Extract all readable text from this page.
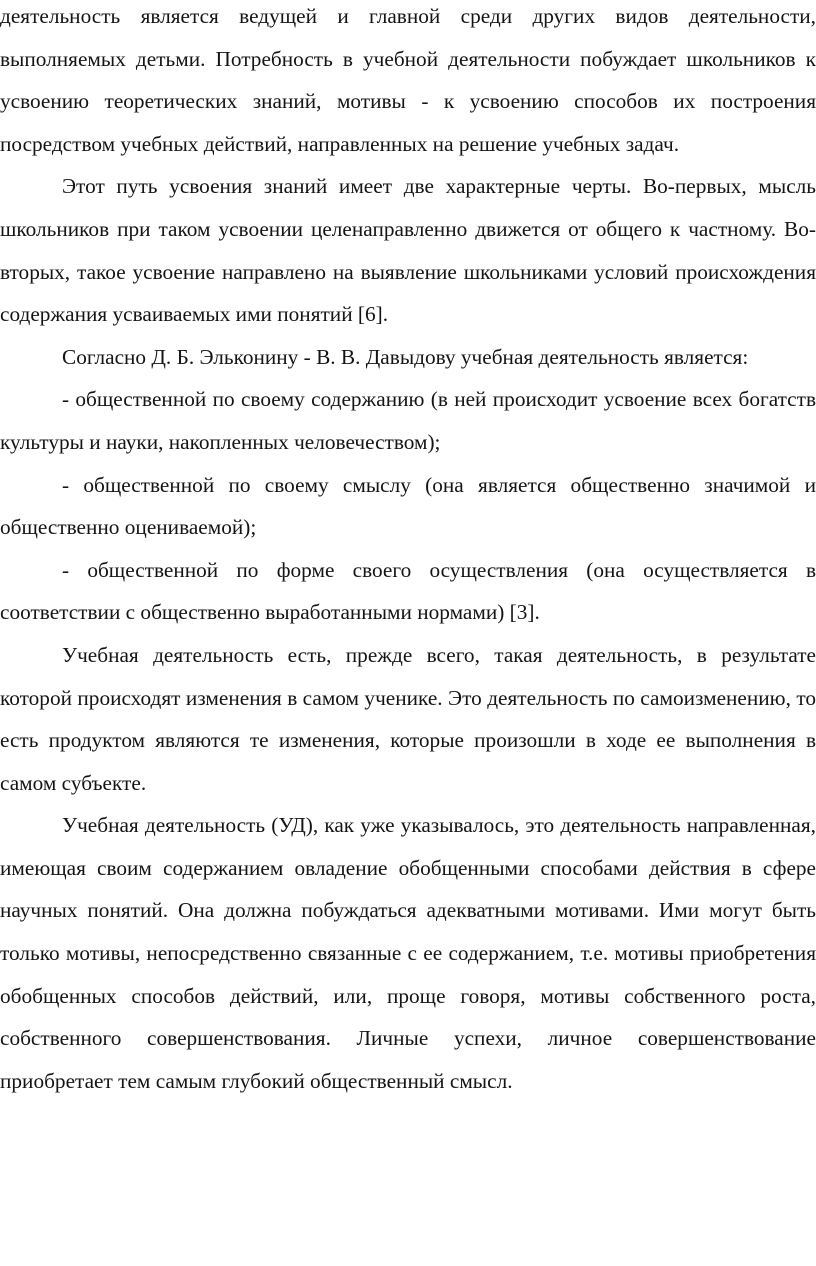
деятельность является ведущей и главной среди других видов деятельности, выполняемых детьми. Потребность в учебной деятельности побуждает школьников к усвоению теоретических знаний, мотивы - к усвоению способов их построения посредством учебных действий, направленных на решение учебных задач.

Этот путь усвоения знаний имеет две характерные черты. Во-первых, мысль школьников при таком усвоении целенаправленно движется от общего к частному. Во-вторых, такое усвоение направлено на выявление школьниками условий происхождения содержания усваиваемых ими понятий [6].

Согласно Д. Б. Эльконину - В. В. Давыдову учебная деятельность является:

- общественной по своему содержанию (в ней происходит усвоение всех богатств культуры и науки, накопленных человечеством);

- общественной по своему смыслу (она является общественно значимой и общественно оцениваемой);

- общественной по форме своего осуществления (она осуществляется в соответствии с общественно выработанными нормами) [3].

Учебная деятельность есть, прежде всего, такая деятельность, в результате которой происходят изменения в самом ученике. Это деятельность по самоизменению, то есть продуктом являются те изменения, которые произошли в ходе ее выполнения в самом субъекте.

Учебная деятельность (УД), как уже указывалось, это деятельность направленная, имеющая своим содержанием овладение обобщенными способами действия в сфере научных понятий. Она должна побуждаться адекватными мотивами. Ими могут быть только мотивы, непосредственно связанные с ее содержанием, т.е. мотивы приобретения обобщенных способов действий, или, проще говоря, мотивы собственного роста, собственного совершенствования. Личные успехи, личное совершенствование приобретает тем самым глубокий общественный смысл.
